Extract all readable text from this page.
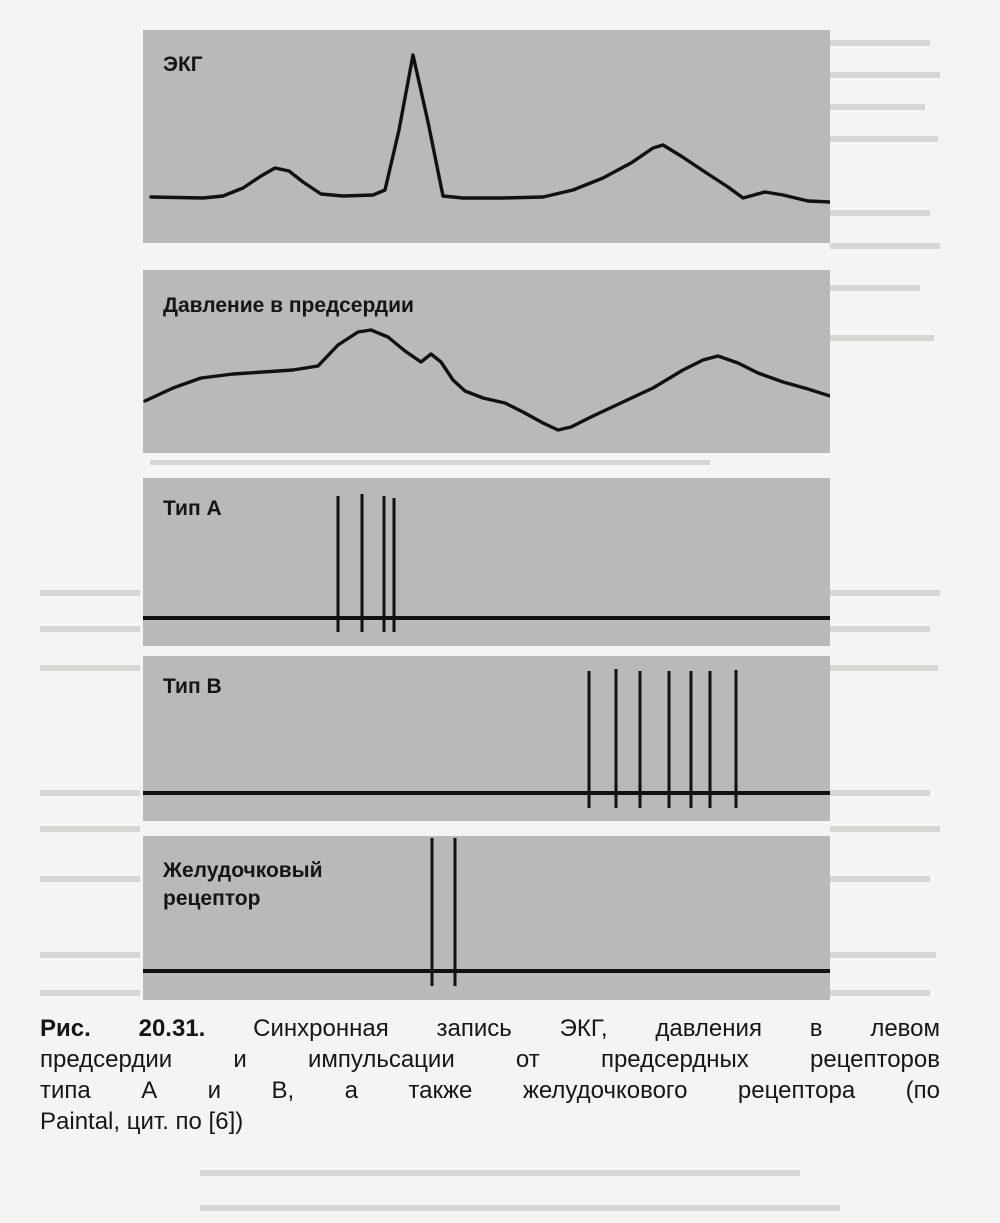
ЭКГ
Давление в предсердии
Тип А
Тип В
Желудочковый
рецептор
Рис. 20.31. Синхронная запись ЭКГ, давления в левом
предсердии и импульсации от предсердных рецепторов
типа А и В, а также желудочкового рецептора (по
Paintal, цит. по [6])
